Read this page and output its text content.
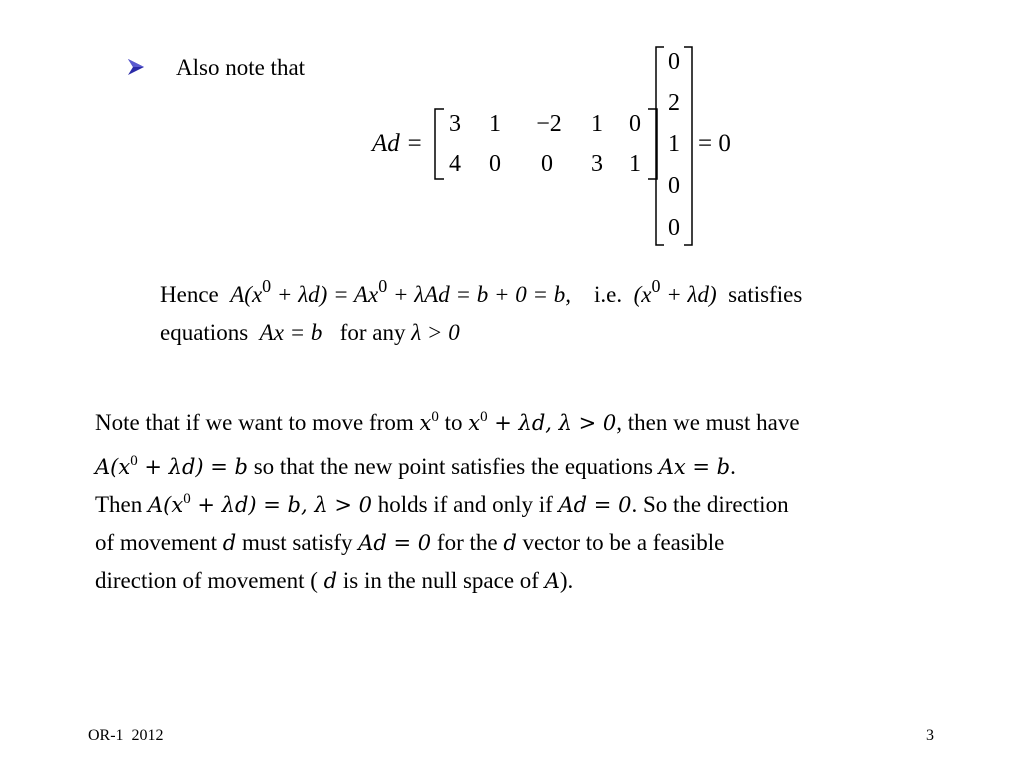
Also note that
Ad =
3	1	−2	1	0
4	0	0	3	1
0
2
1
0
0
= 0
Hence $A(x^0 + \lambda d) = Ax^0 + \lambda Ad = b + 0 = b$, i.e. $(x^0 + \lambda d)$ satisfies
equations Ax = b for any λ > 0
Note that if we want to move from $x^0$ to $x^0 + \lambda d$, λ > 0, then we must have
$A(x^0 + \lambda d) = b$ so that the new point satisfies the equations Ax = b.
Then $A(x^0 + \lambda d) = b$, λ > 0 holds if and only if Ad = 0. So the direction
of movement d must satisfy Ad = 0 for the d vector to be a feasible
direction of movement ( d is in the null space of A).
OR-1  2012	3
